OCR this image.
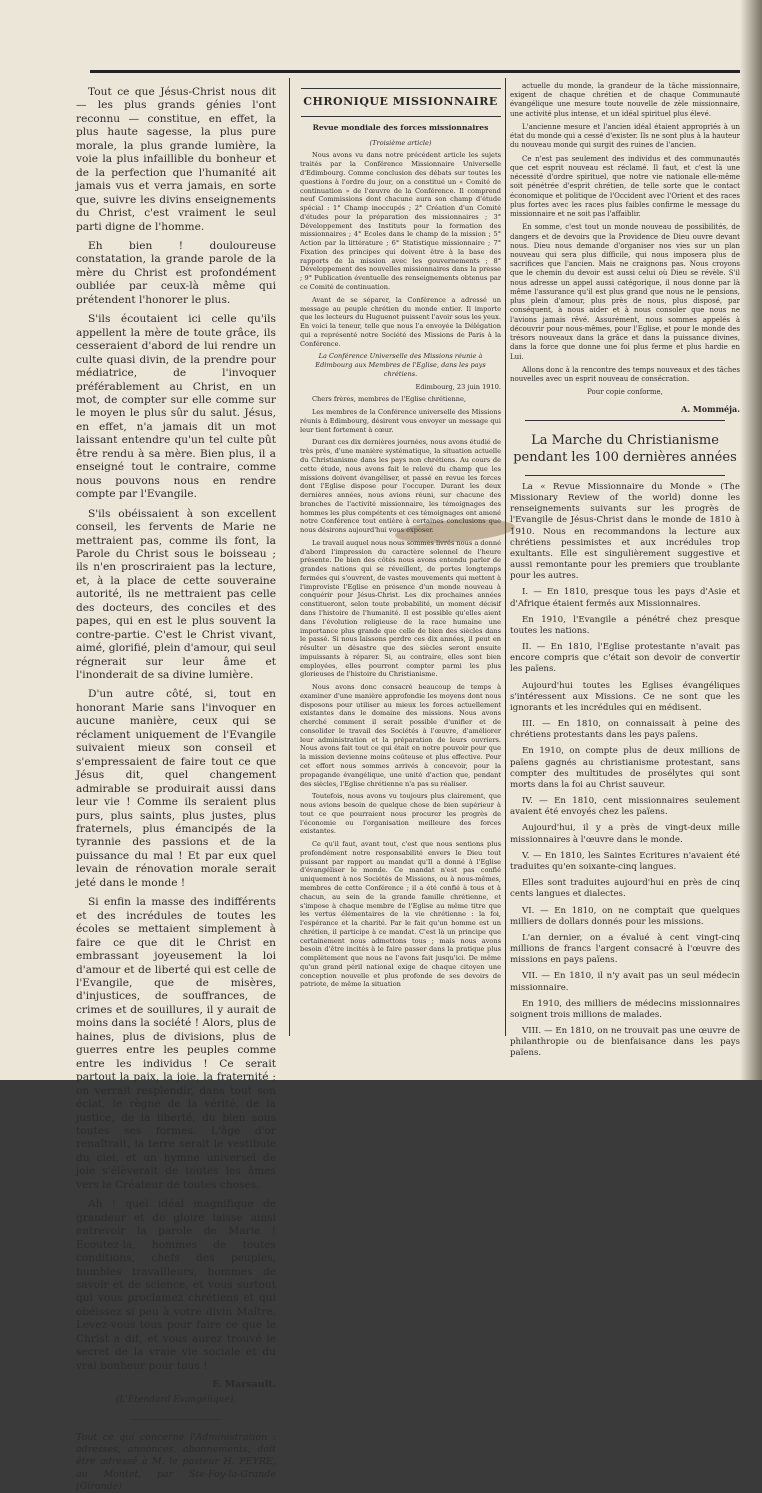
Tout ce que Jésus-Christ nous dit — les plus grands génies l'ont reconnu — constitue, en effet, la plus haute sagesse, la plus pure morale, la plus grande lumière, la voie la plus infaillible du bonheur et de la perfection que l'humanité ait jamais vus et verra jamais, en sorte que, suivre les divins enseignements du Christ, c'est vraiment le seul parti digne de l'homme.

Eh bien ! douloureuse constatation, la grande parole de la mère du Christ est profondément oubliée par ceux-là même qui prétendent l'honorer le plus.

S'ils écoutaient ici celle qu'ils appellent la mère de toute grâce, ils cesseraient d'abord de lui rendre un culte quasi divin, de la prendre pour médiatrice, de l'invoquer préférablement au Christ, en un mot, de compter sur elle comme sur le moyen le plus sûr du salut. Jésus, en effet, n'a jamais dit un mot laissant entendre qu'un tel culte pût être rendu à sa mère. Bien plus, il a enseigné tout le contraire, comme nous pouvons nous en rendre compte par l'Evangile.

S'ils obéissaient à son excellent conseil, les fervents de Marie ne mettraient pas, comme ils font, la Parole du Christ sous le boisseau ; ils n'en proscriraient pas la lecture, et, à la place de cette souveraine autorité, ils ne mettraient pas celle des docteurs, des conciles et des papes, qui en est le plus souvent la contre-partie. C'est le Christ vivant, aimé, glorifié, plein d'amour, qui seul régnerait sur leur âme et l'inonderait de sa divine lumière.

D'un autre côté, si, tout en honorant Marie sans l'invoquer en aucune manière, ceux qui se réclament uniquement de l'Evangile suivaient mieux son conseil et s'empressaient de faire tout ce que Jésus dit, quel changement admirable se produirait aussi dans leur vie ! Comme ils seraient plus purs, plus saints, plus justes, plus fraternels, plus émancipés de la tyrannie des passions et de la puissance du mal ! Et par eux quel levain de rénovation morale serait jeté dans le monde !

Si enfin la masse des indifférents et des incrédules de toutes les écoles se mettaient simplement à faire ce que dit le Christ en embrassant joyeusement la loi d'amour et de liberté qui est celle de l'Evangile, que de misères, d'injustices, de souffrances, de crimes et de souillures, il y aurait de moins dans la société ! Alors, plus de haines, plus de divisions, plus de guerres entre les peuples comme entre les individus ! Ce serait partout la paix, la joie, la fraternité ; on verrait resplendir, dans tout son éclat, le règne de la vérité, de la justice, de la liberté, du bien sous toutes ses formes. L'âge d'or renaîtrait, la terre serait le vestibule du ciel, et un hymne universel de joie s'élèverait de toutes les âmes vers le Créateur de toutes choses.

Ah ! quel idéal magnifique de grandeur et de gloire laisse ainsi entrevoir la parole de Marie ! Ecoutez-la, hommes de toutes conditions, chefs des peuples, humbles travailleurs, hommes de savoir et de science, et vous surtout qui vous proclamez chrétiens et qui obéissez si peu à votre divin Maître. Levez-vous tous pour faire ce que le Christ a dit, et vous aurez trouvé le secret de la vraie vie sociale et du vrai bonheur pour tous !

F. Marsault.
(L'Etendard Evangélique).

Tout ce qui concerne l'Administration : adresses, annonces, abonnements, doit être adressé à M. le pasteur H. PEYRE, au Montet, par Ste-Foy-la-Grande (Gironde)

CHRONIQUE MISSIONNAIRE
Revue mondiale des forces missionnaires

(Troisième article)

Nous avons vu dans notre précédent article les sujets traités par la Conférence Missionnaire Universelle d'Edimbourg. Comme conclusion des débats sur toutes les questions à l'ordre du jour, on a constitué un « Comité de continuation » de l'œuvre de la Conférence. Il comprend neuf Commissions dont chacune aura son champ d'étude spécial : 1° Champ inoccupés ; 2° Création d'un Comité d'études pour la préparation des missionnaires ; 3° Développement des Instituts pour la formation des missionnaires ; 4° Ecoles dans le champ de la mission ; 5° Action par la littérature ; 6° Statistique missionnaire ; 7° Fixation des principes qui doivent être à la base des rapports de la mission avec les gouvernements ; 8° Développement des nouvelles missionnaires dans la presse ; 9° Publication éventuelle des renseignements obtenus par ce Comité de continuation.

Avant de se séparer, la Conférence a adressé un message au peuple chrétien du monde entier. Il importe que les lecteurs du Huguenot puissent l'avoir sous les yeux. En voici la teneur, telle que nous l'a envoyée la Délégation qui a représenté notre Société des Missions de Paris à la Conférence.

La Conférence Universelle des Missions réunie à Edimbourg aux Membres de l'Eglise, dans les pays chrétiens.

Edimbourg, 23 juin 1910.

Chers frères, membres de l'Eglise chrétienne,

Les membres de la Conférence universelle des Missions réunis à Edimbourg, désirent vous envoyer un message qui leur tient fortement à cœur.

Durant ces dix dernières journées, nous avons étudié de très près, d'une manière systématique, la situation actuelle du Christianisme dans les pays non chrétiens. Au cours de cette étude, nous avons fait le relevé du champ que les missions doivent évangéliser, et passé en revue les forces dont l'Eglise dispose pour l'occuper. Durant les deux dernières années, nous avions réuni, sur chacune des branches de l'activité missionnaire, les témoignages des hommes les plus compétents et ces témoignages ont amené notre Conférence tout entière à certaines conclusions que nous désirons aujourd'hui vous exposer.

Le travail auquel nous nous sommes livrés nous a donné d'abord l'impression du caractère solennel de l'heure présente. De bien des côtés nous avons entendu parler de grandes nations qui se réveillent, de portes longtemps fermées qui s'ouvrent, de vastes mouvements qui mettent à l'improviste l'Eglise en présence d'un monde nouveau à conquérir pour Jésus-Christ. Les dix prochaines années constitueront, selon toute probabilité, un moment décisif dans l'histoire de l'humanité. Il est possible qu'elles aient dans l'évolution religieuse de la race humaine une importance plus grande que celle de bien des siècles dans le passé. Si nous laissons perdre ces dix années, il peut en résulter un désastre que des siècles seront ensuite impuissants à réparer. Si, au contraire, elles sont bien employées, elles pourront compter parmi les plus glorieuses de l'histoire du Christianisme.

Nous avons donc consacré beaucoup de temps à examiner d'une manière approfondie les moyens dont nous disposons pour utiliser au mieux les forces actuellement existantes dans le domaine des missions. Nous avons cherché comment il serait possible d'unifier et de consolider le travail des Sociétés à l'œuvre, d'améliorer leur administration et la préparation de leurs ouvriers. Nous avons fait tout ce qui était en notre pouvoir pour que la mission devienne moins coûteuse et plus effective. Pour cet effort nous sommes arrivés à concevoir, pour la propagande évangélique, une unité d'action que, pendant des siècles, l'Eglise chrétienne n'a pas su réaliser.

Toutefois, nous avons vu toujours plus clairement, que nous avions besoin de quelque chose de bien supérieur à tout ce que pourraient nous procurer les progrès de l'économie ou l'organisation meilleure des forces existantes.

Ce qu'il faut, avant tout, c'est que nous sentions plus profondément notre responsabilité envers le Dieu tout puissant par rapport au mandat qu'Il a donné à l'Eglise d'évangéliser le monde. Ce mandat n'est pas confié uniquement à nos Sociétés de Missions, ou à nous-mêmes, membres de cette Conférence ; il a été confié à tous et à chacun, au sein de la grande famille chrétienne, et s'impose à chaque membre de l'Eglise au même titre que les vertus élémentaires de la vie chrétienne : la foi, l'espérance et la charité. Par le fait qu'un homme est un chrétien, il participe à ce mandat. C'est là un principe que certainement nous admettons tous ; mais nous avons besoin d'être incités à le faire passer dans la pratique plus complètement que nous ne l'avons fait jusqu'ici. De même qu'un grand péril national exige de chaque citoyen une conception nouvelle et plus profonde de ses devoirs de patriote, de même la situation

actuelle du monde, la grandeur de la tâche missionnaire, exigent de chaque chrétien et de chaque Communauté évangélique une mesure toute nouvelle de zèle missionnaire, une activité plus intense, et un idéal spirituel plus élevé.

L'ancienne mesure et l'ancien idéal étaient appropriés à un état du monde qui a cessé d'exister. Ils ne sont plus à la hauteur du nouveau monde qui surgit des ruines de l'ancien.

Ce n'est pas seulement des individus et des communautés que cet esprit nouveau est réclamé. Il faut, et c'est là une nécessité d'ordre spirituel, que notre vie nationale elle-même soit pénétrée d'esprit chrétien, de telle sorte que le contact économique et politique de l'Occident avec l'Orient et des races plus fortes avec les races plus faibles confirme le message du missionnaire et ne soit pas l'affaiblir.

En somme, c'est tout un monde nouveau de possibilités, de dangers et de devoirs que la Providence de Dieu ouvre devant nous. Dieu nous demande d'organiser nos vies sur un plan nouveau qui sera plus difficile, qui nous imposera plus de sacrifices que l'ancien. Mais ne craignons pas. Nous croyons que le chemin du devoir est aussi celui où Dieu se révèle. S'il nous adresse un appel aussi catégorique, il nous donne par là même l'assurance qu'il est plus grand que nous ne le pensions, plus plein d'amour, plus près de nous, plus disposé, par conséquent, à nous aider et à nous consoler que nous ne l'avions jamais rêvé. Assurément, nous sommes appelés à découvrir pour nous-mêmes, pour l'Eglise, et pour le monde des trésors nouveaux dans la grâce et dans la puissance divines, dans la force que donne une foi plus ferme et plus hardie en Lui.

Allons donc à la rencontre des temps nouveaux et des tâches nouvelles avec un esprit nouveau de consécration.

Pour copie conforme,

A. Momméja.
La Marche du Christianisme pendant les 100 dernières années

La « Revue Missionnaire du Monde » (The Missionary Review of the world) donne les renseignements suivants sur les progrès de l'Evangile de Jésus-Christ dans le monde de 1810 à 1910. Nous en recommandons la lecture aux chrétiens pessimistes et aux incrédules trop exultants. Elle est singulièrement suggestive et aussi remontante pour les premiers que troublante pour les autres.

I. — En 1810, presque tous les pays d'Asie et d'Afrique étaient fermés aux Missionnaires.

En 1910, l'Evangile a pénétré chez presque toutes les nations.

II. — En 1810, l'Eglise protestante n'avait pas encore compris que c'était son devoir de convertir les païens.

Aujourd'hui toutes les Eglises évangéliques s'intéressent aux Missions. Ce ne sont que les ignorants et les incrédules qui en médisent.

III. — En 1810, on connaissait à peine des chrétiens protestants dans les pays païens.

En 1910, on compte plus de deux millions de païens gagnés au christianisme protestant, sans compter des multitudes de prosélytes qui sont morts dans la foi au Christ sauveur.

IV. — En 1810, cent missionnaires seulement avaient été envoyés chez les païens.

Aujourd'hui, il y a près de vingt-deux mille missionnaires à l'œuvre dans le monde.

V. — En 1810, les Saintes Ecritures n'avaient été traduites qu'en soixante-cinq langues.

Elles sont traduites aujourd'hui en près de cinq cents langues et dialectes.

VI. — En 1810, on ne comptait que quelques milliers de dollars donnés pour les missions.

L'an dernier, on a évalué à cent vingt-cinq millions de francs l'argent consacré à l'œuvre des missions en pays païens.

VII. — En 1810, il n'y avait pas un seul médecin missionnaire.

En 1910, des milliers de médecins missionnaires soignent trois millions de malades.

VIII. — En 1810, on ne trouvait pas une œuvre de philanthropie ou de bienfaisance dans les pays païens.
